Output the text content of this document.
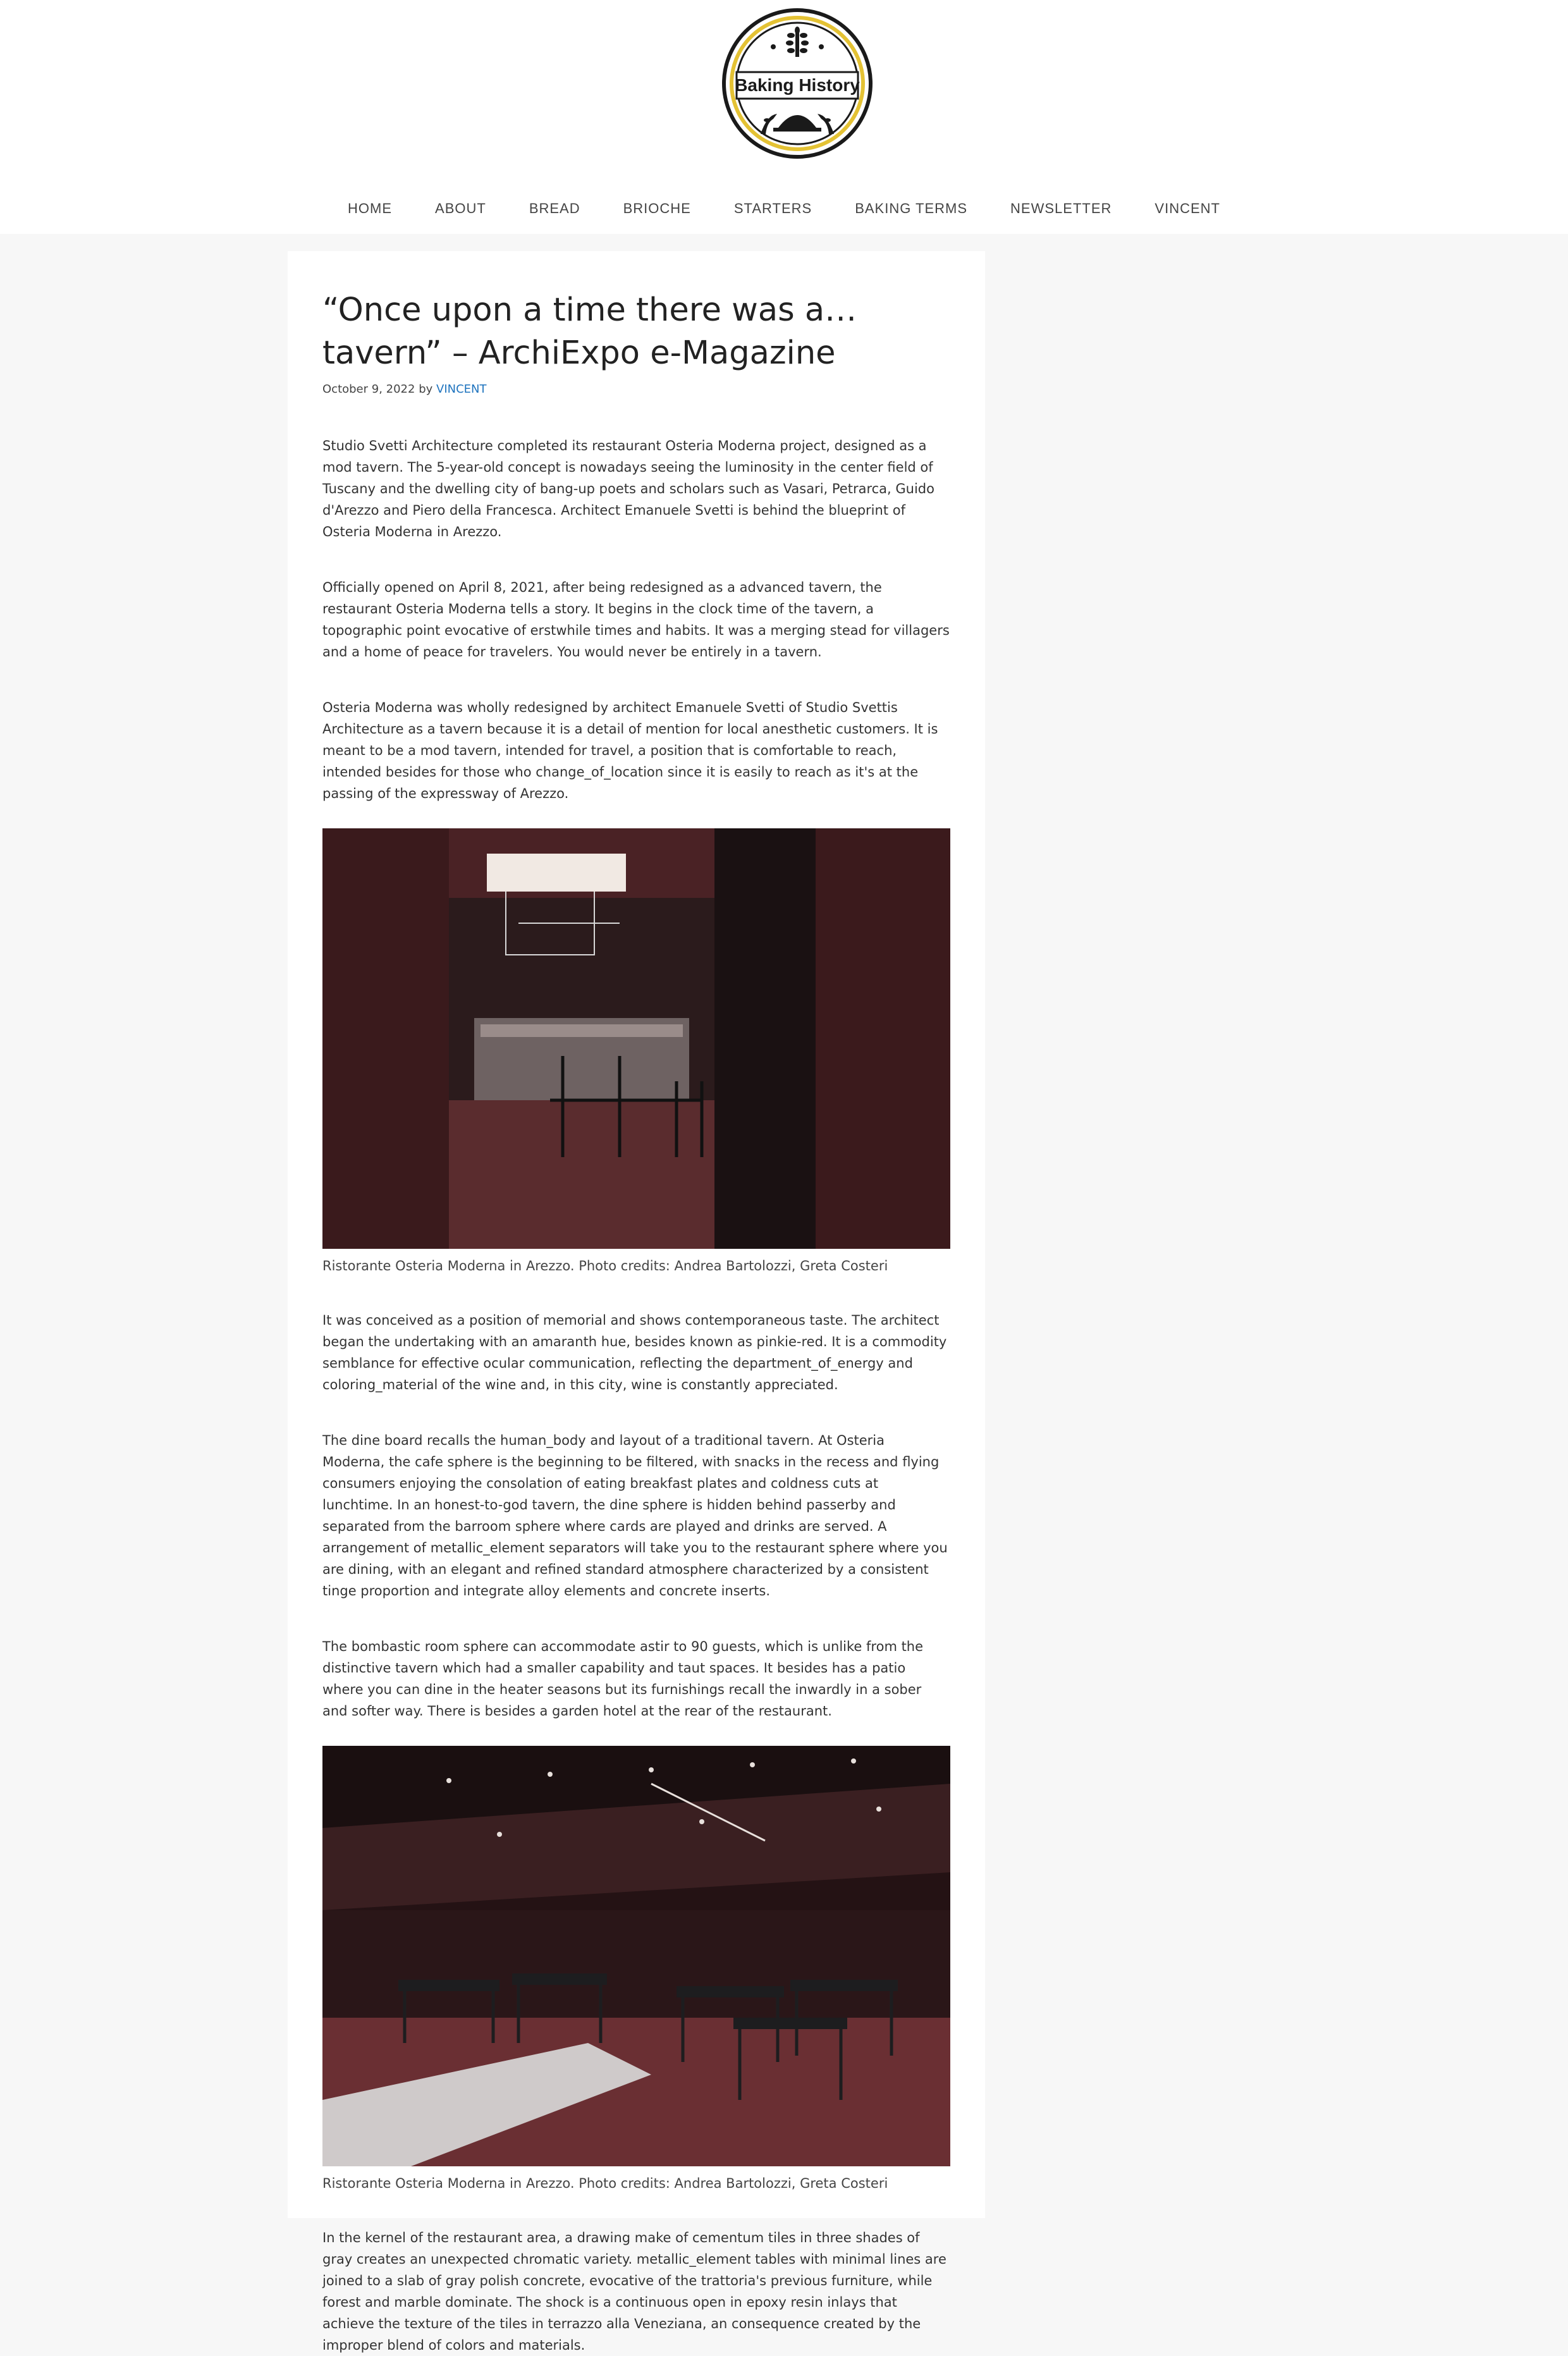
Baking History
HOME	ABOUT	BREAD	BRIOCHE	STARTERS	BAKING TERMS	NEWSLETTER	VINCENT
“Once upon a time there was a…tavern” – ArchiExpo e-Magazine
October 9, 2022 by VINCENT

Studio Svetti Architecture completed its restaurant Osteria Moderna project, designed as a mod tavern. The 5-year-old concept is nowadays seeing the luminosity in the center field of Tuscany and the dwelling city of bang-up poets and scholars such as Vasari, Petrarca, Guido d'Arezzo and Piero della Francesca. Architect Emanuele Svetti is behind the blueprint of Osteria Moderna in Arezzo.

Officially opened on April 8, 2021, after being redesigned as a advanced tavern, the restaurant Osteria Moderna tells a story. It begins in the clock time of the tavern, a topographic point evocative of erstwhile times and habits. It was a merging stead for villagers and a home of peace for travelers. You would never be entirely in a tavern.

Osteria Moderna was wholly redesigned by architect Emanuele Svetti of Studio Svettis Architecture as a tavern because it is a detail of mention for local anesthetic customers. It is meant to be a mod tavern, intended for travel, a position that is comfortable to reach, intended besides for those who change_of_location since it is easily to reach as it's at the passing of the expressway of Arezzo.

Ristorante Osteria Moderna in Arezzo. Photo credits: Andrea Bartolozzi, Greta Costeri

It was conceived as a position of memorial and shows contemporaneous taste. The architect began the undertaking with an amaranth hue, besides known as pinkie-red. It is a commodity semblance for effective ocular communication, reflecting the department_of_energy and coloring_material of the wine and, in this city, wine is constantly appreciated.

The dine board recalls the human_body and layout of a traditional tavern. At Osteria Moderna, the cafe sphere is the beginning to be filtered, with snacks in the recess and flying consumers enjoying the consolation of eating breakfast plates and coldness cuts at lunchtime. In an honest-to-god tavern, the dine sphere is hidden behind passerby and separated from the barroom sphere where cards are played and drinks are served. A arrangement of metallic_element separators will take you to the restaurant sphere where you are dining, with an elegant and refined standard atmosphere characterized by a consistent tinge proportion and integrate alloy elements and concrete inserts.

The bombastic room sphere can accommodate astir to 90 guests, which is unlike from the distinctive tavern which had a smaller capability and taut spaces. It besides has a patio where you can dine in the heater seasons but its furnishings recall the inwardly in a sober and softer way. There is besides a garden hotel at the rear of the restaurant.

Ristorante Osteria Moderna in Arezzo. Photo credits: Andrea Bartolozzi, Greta Costeri

In the kernel of the restaurant area, a drawing make of cementum tiles in three shades of gray creates an unexpected chromatic variety. metallic_element tables with minimal lines are joined to a slab of gray polish concrete, evocative of the trattoria's previous furniture, while forest and marble dominate. The shock is a continuous open in epoxy resin inlays that achieve the texture of the tiles in terrazzo alla Veneziana, an consequence created by the improper blend of colors and materials.
